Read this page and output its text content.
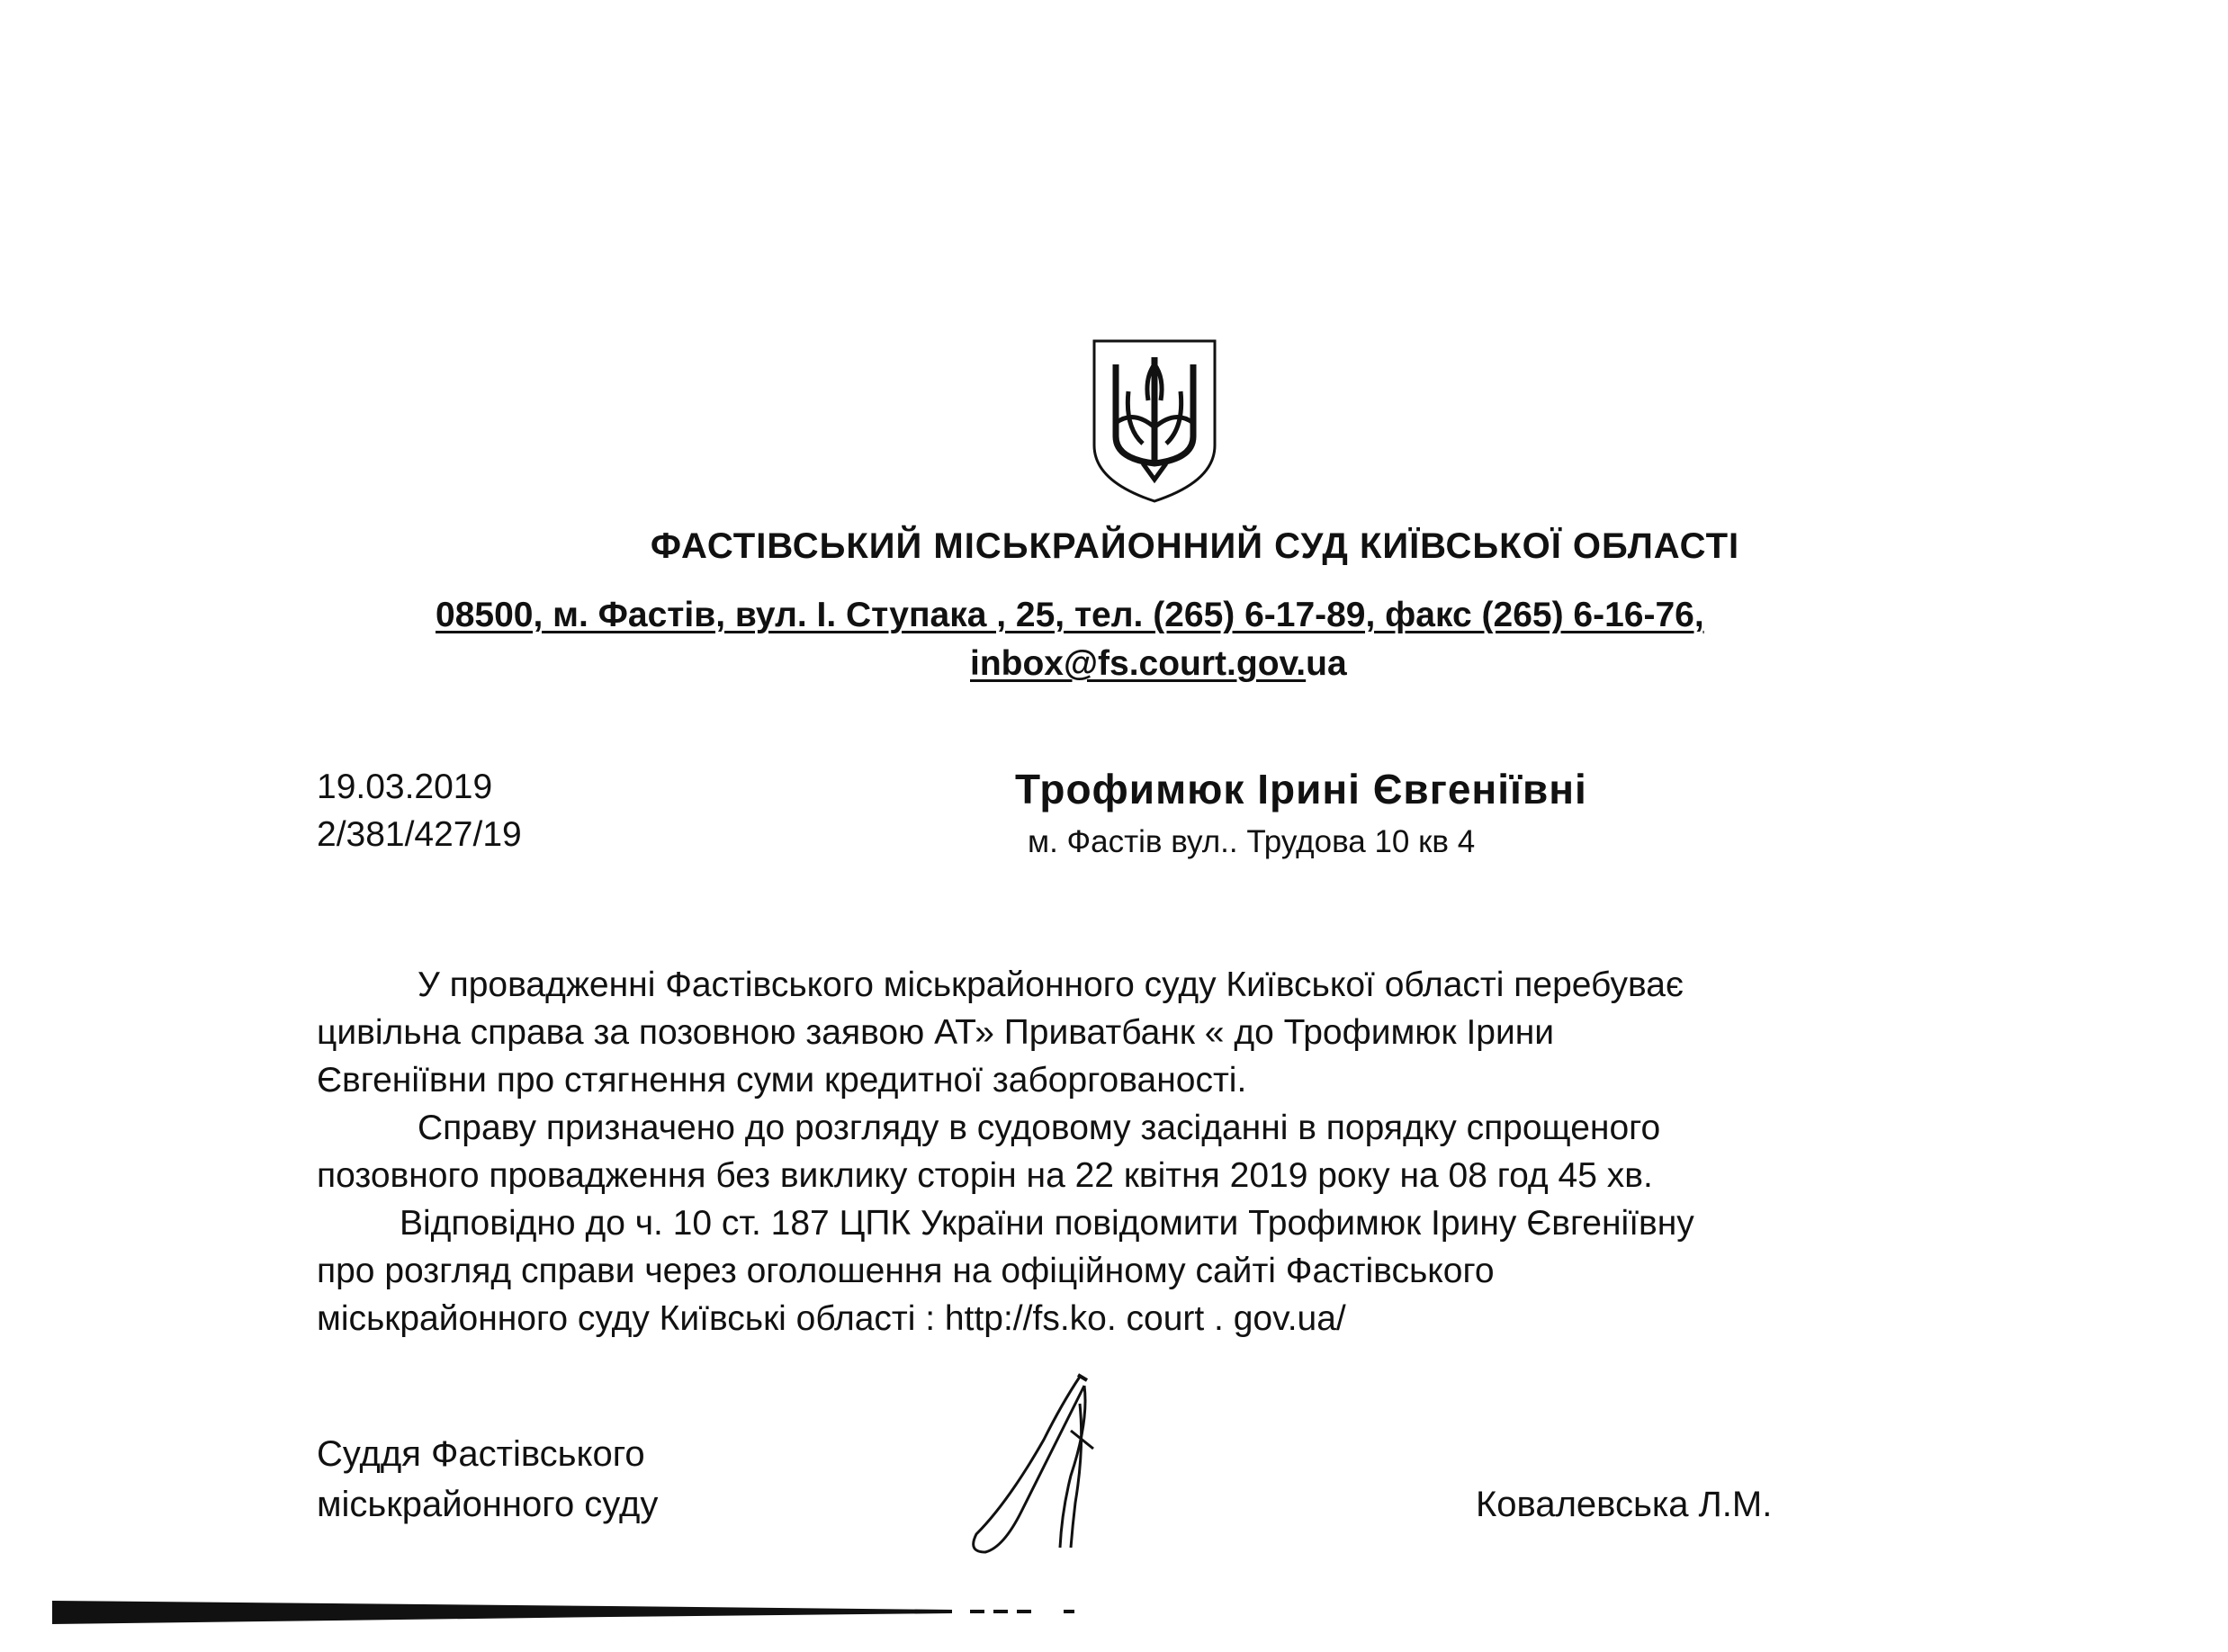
ФАСТІВСЬКИЙ МІСЬКРАЙОННИЙ СУД КИЇВСЬКОЇ ОБЛАСТІ
08500, м. Фастів, вул. І. Ступака , 25, тел. (265) 6-17-89, факс (265) 6-16-76,
inbox@fs.court.gov.ua
19.03.2019
2/381/427/19
Трофимюк Ірині Євгеніївні
м. Фастів вул.. Трудова 10 кв 4

У провадженні Фастівського міськрайонного суду Київської області перебуває

цивільна справа за позовною заявою АТ» Приватбанк « до Трофимюк Ірини

Євгеніївни про стягнення суми кредитної заборгованості.

Справу призначено до розгляду в судовому засіданні в порядку спрощеного

позовного провадження без виклику сторін на 22 квітня 2019 року на 08 год 45 хв.

Відповідно до ч. 10 ст. 187 ЦПК України повідомити Трофимюк Ірину Євгеніївну

про розгляд справи через оголошення на офіційному сайті Фастівського

міськрайонного суду Київські області : http://fs.ko. court . gov.ua/

Суддя Фастівського
міськрайонного суду	Ковалевська Л.М.
